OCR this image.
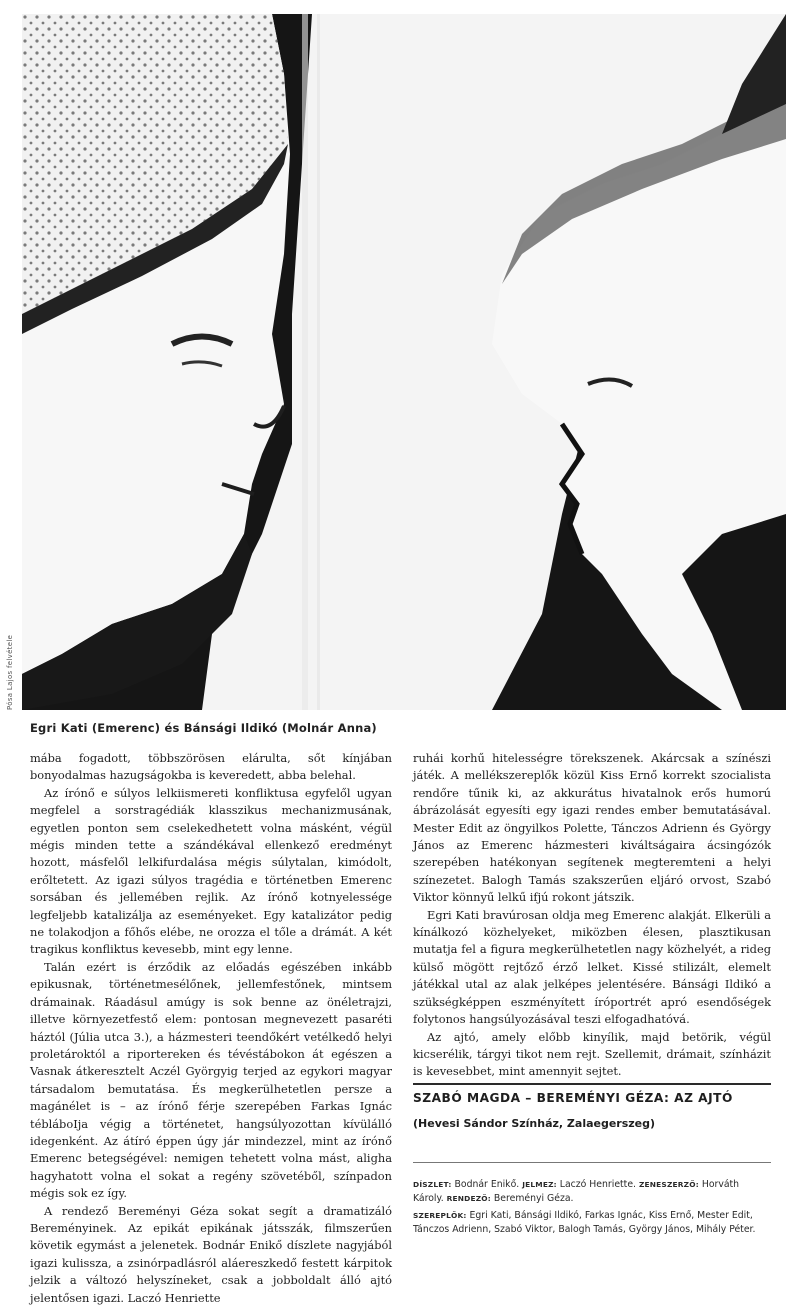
Pósa Lajos felvétele
Egri Kati (Emerenc) és Bánsági Ildikó (Molnár Anna)

mába fogadott, többszörösen elárulta, sőt kínjában bonyodalmas hazugságokba is keveredett, abba belehal.

Az írónő e súlyos lelkiismereti konfliktusa egyfelől ugyan megfelel a sorstragédiák klasszikus mechanizmusának, egyetlen ponton sem cselekedhetett volna másként, végül mégis minden tette a szándékával ellenkező eredményt hozott, másfelől lelkifurdalása mégis súlytalan, kimódolt, erőltetett. Az igazi súlyos tragédia e történetben Emerenc sorsában és jellemében rejlik. Az írónő kotnyelessége legfeljebb katalizálja az eseményeket. Egy katalizátor pedig ne tolakodjon a főhős elébe, ne orozza el tőle a drámát. A két tragikus konfliktus kevesebb, mint egy lenne.

Talán ezért is érződik az előadás egészében inkább epikusnak, történetmesélőnek, jellemfestőnek, mintsem drámainak. Ráadásul amúgy is sok benne az önéletrajzi, illetve környezetfestő elem: pontosan megnevezett pasaréti háztól (Júlia utca 3.), a házmesteri teendőkért vetélkedő helyi proletároktól a riportereken és tévéstábokon át egészen a Vasnak átkeresztelt Aczél Györgyig terjed az egykori magyar társadalom bemutatása. És megkerülhetetlen persze a magánélet is – az írónő férje szerepében Farkas Ignác tébláboIja végig a történetet, hangsúlyozottan kívülálló idegenként. Az átíró éppen úgy jár mindezzel, mint az írónő Emerenc betegségével: nemigen tehetett volna mást, aligha hagyhatott volna el sokat a regény szövetéből, színpadon mégis sok ez így.

A rendező Bereményi Géza sokat segít a dramatizáló Bereményinek. Az epikát epikának játsszák, filmszerűen követik egymást a jelenetek. Bodnár Enikő díszlete nagyjából igazi kulissza, a zsinórpadlásról aláereszkedő festett kárpitok jelzik a változó helyszíneket, csak a jobboldalt álló ajtó jelentősen igazi. Laczó Henriette

ruhái korhű hitelességre törekszenek. Akárcsak a színészi játék. A mellékszereplők közül Kiss Ernő korrekt szocialista rendőre tűnik ki, az akkurátus hivatalnok erős humorú ábrázolását egyesíti egy igazi rendes ember bemutatásával. Mester Edit az öngyilkos Polette, Tánczos Adrienn és György János az Emerenc házmesteri kiváltságaira ácsingózók szerepében hatékonyan segítenek megteremteni a helyi színezetet. Balogh Tamás szakszerűen eljáró orvost, Szabó Viktor könnyű lelkű ifjú rokont játszik.

Egri Kati bravúrosan oldja meg Emerenc alakját. Elkerüli a kínálkozó közhelyeket, miközben élesen, plasztikusan mutatja fel a figura megkerülhetetlen nagy közhelyét, a rideg külső mögött rejtőző érző lelket. Kissé stilizált, elemelt játékkal utal az alak jelképes jelentésére. Bánsági Ildikó a szükségképpen eszményített íróportrét apró esendőségek folytonos hangsúlyozásával teszi elfogadhatóvá.

Az ajtó, amely előbb kinyílik, majd betörik, végül kicserélik, tárgyi tikot nem rejt. Szellemit, drámait, színházit is kevesebbet, mint amennyit sejtet.

SZABÓ MAGDA – BEREMÉNYI GÉZA: AZ AJTÓ
(Hevesi Sándor Színház, Zalaegerszeg)

DÍSZLET: Bodnár Enikő. JELMEZ: Laczó Henriette. ZENESZERZŐ: Horváth Károly. RENDEZŐ: Bereményi Géza.

SZEREPLŐK: Egri Kati, Bánsági Ildikó, Farkas Ignác, Kiss Ernő, Mester Edit, Tánczos Adrienn, Szabó Viktor, Balogh Tamás, György János, Mihály Péter.
